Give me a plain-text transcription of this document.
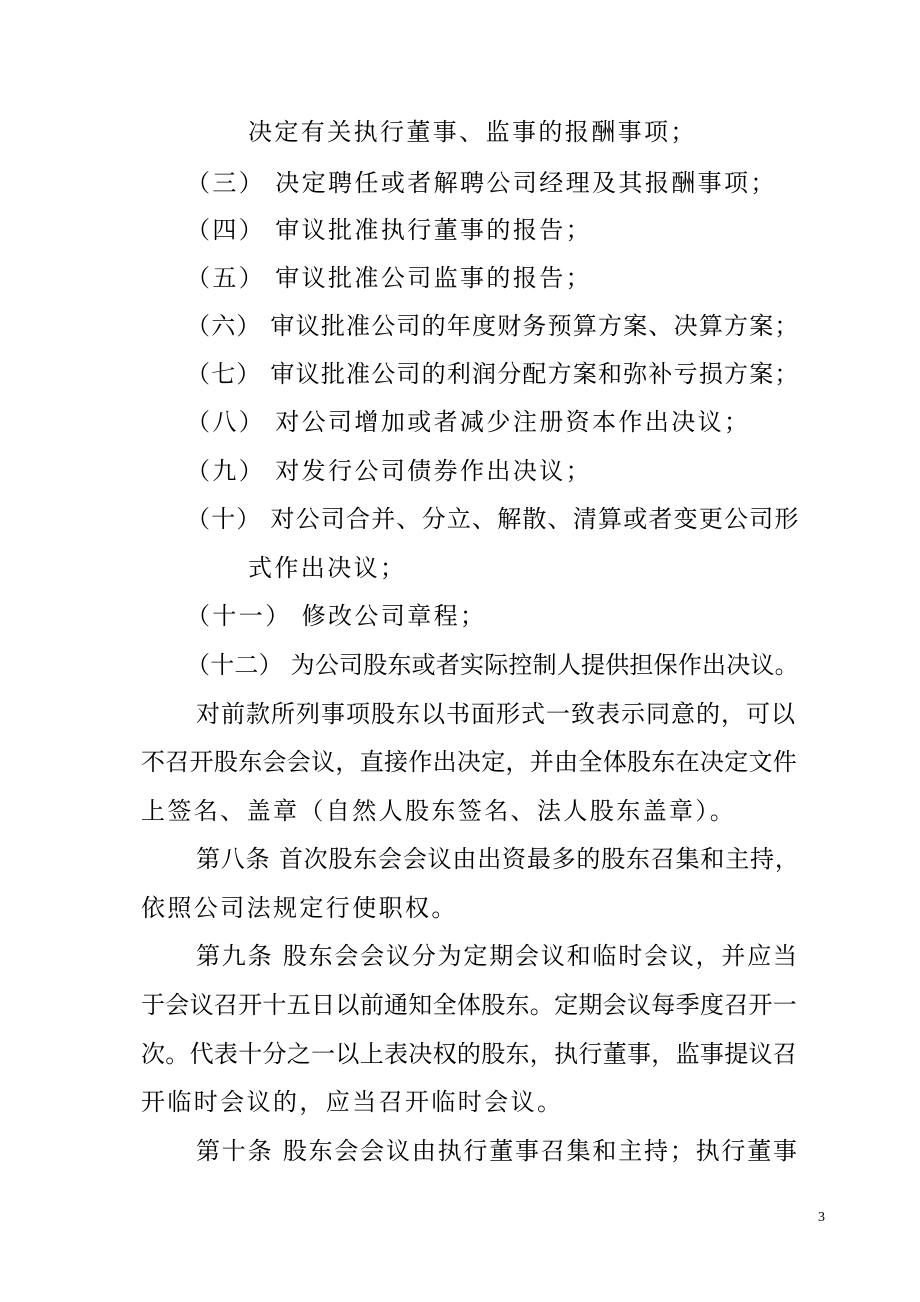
决定有关执行董事、监事的报酬事项；
（三） 决定聘任或者解聘公司经理及其报酬事项；
（四） 审议批准执行董事的报告；
（五） 审议批准公司监事的报告；
（六） 审议批准公司的年度财务预算方案、决算方案；
（七） 审议批准公司的利润分配方案和弥补亏损方案；
（八） 对公司增加或者减少注册资本作出决议；
（九） 对发行公司债券作出决议；
（十） 对公司合并、分立、解散、清算或者变更公司形
式作出决议；
（十一） 修改公司章程；
（十二） 为公司股东或者实际控制人提供担保作出决议。
对前款所列事项股东以书面形式一致表示同意的，可以
不召开股东会会议，直接作出决定，并由全体股东在决定文件
上签名、盖章（自然人股东签名、法人股东盖章）。
第八条 首次股东会会议由出资最多的股东召集和主持，
依照公司法规定行使职权。
第九条 股东会会议分为定期会议和临时会议，并应当
于会议召开十五日以前通知全体股东。定期会议每季度召开一
次。代表十分之一以上表决权的股东，执行董事，监事提议召
开临时会议的，应当召开临时会议。
第十条 股东会会议由执行董事召集和主持；执行董事
3
